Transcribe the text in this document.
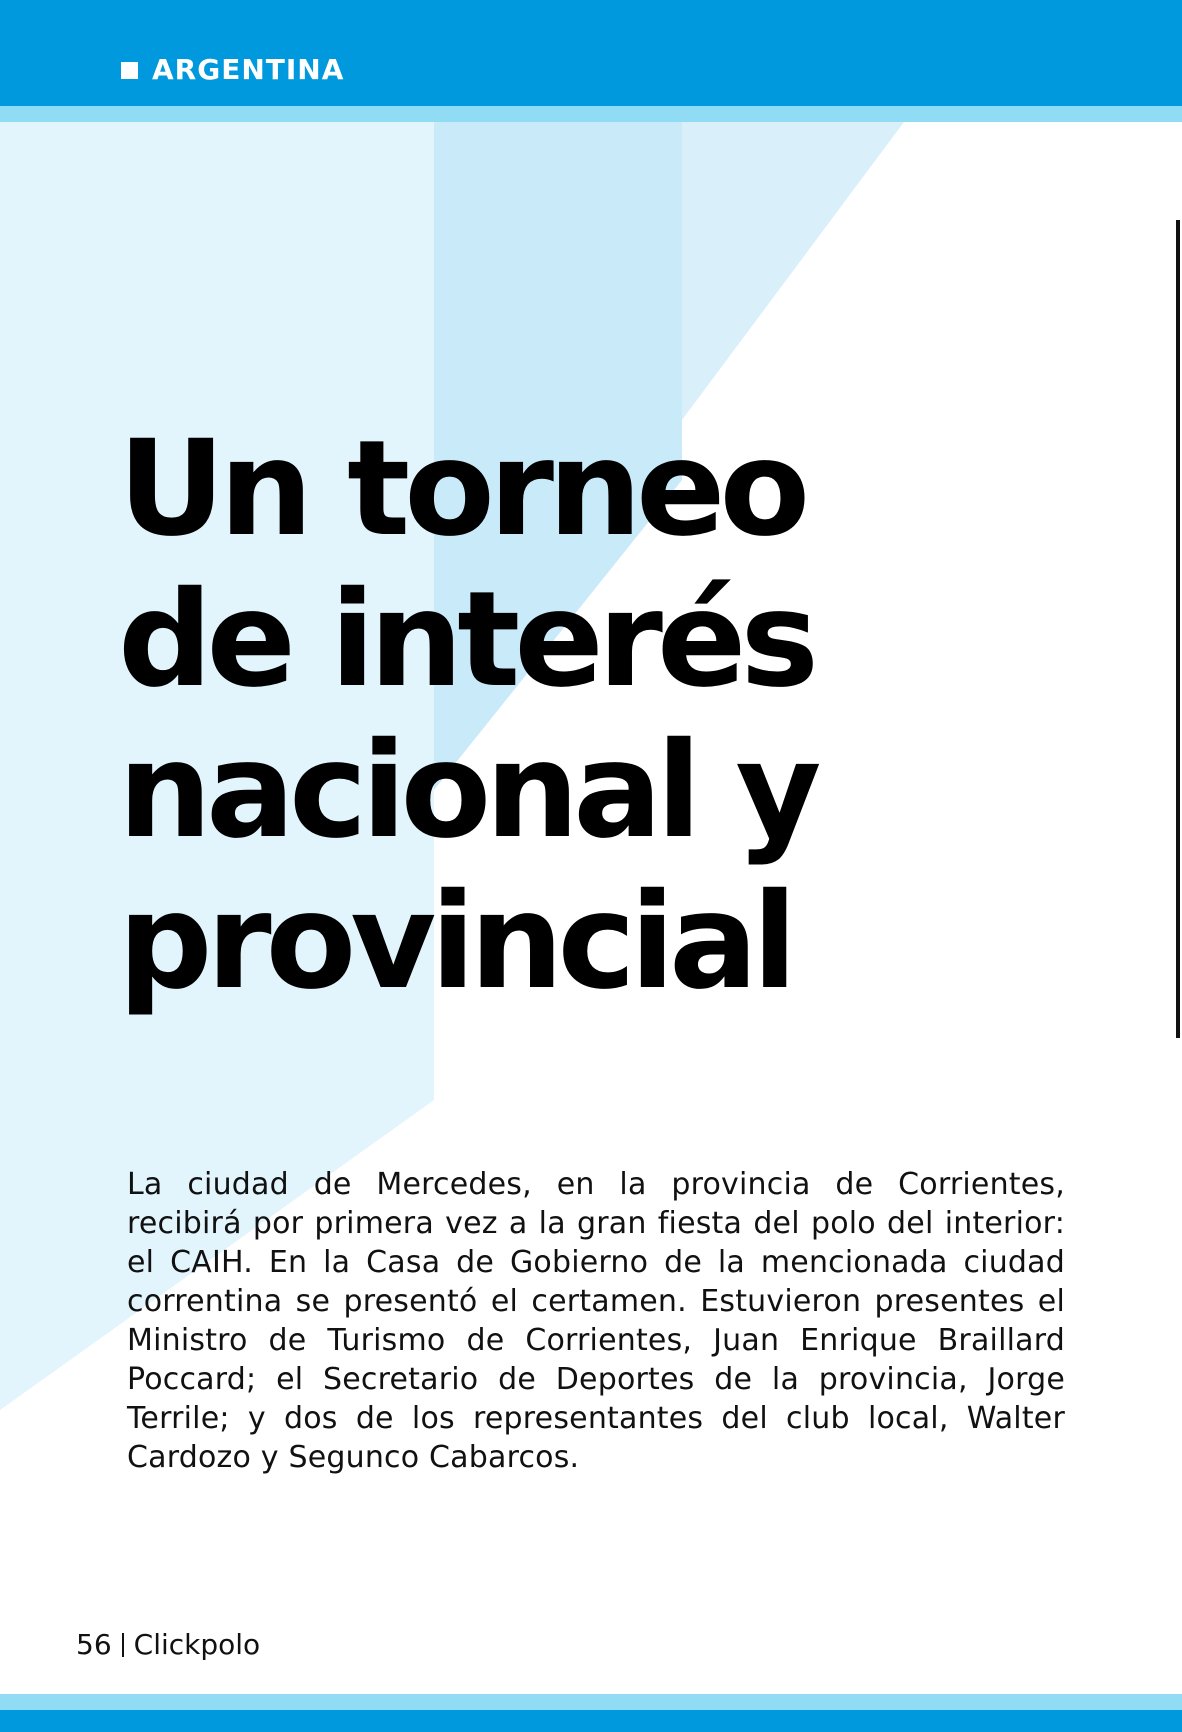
ARGENTINA
Un torneo
de interés
nacional y
provincial

La ciudad de Mercedes, en la provincia de Corrientes, recibirá por primera vez a la gran fiesta del polo del interior: el CAIH. En la Casa de Gobierno de la mencionada ciudad correntina se presentó el certamen. Estuvieron presentes el Ministro de Turismo de Corrientes, Juan Enrique Braillard Poccard; el Secretario de Deportes de la provincia, Jorge Terrile; y dos de los representantes del club local, Walter Cardozo y Segunco Cabarcos.

56 Clickpolo
